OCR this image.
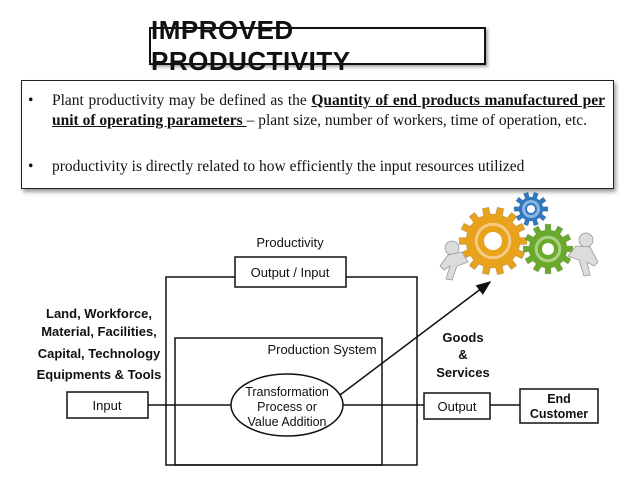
IMPROVED PRODUCTIVITY
• Plant productivity may be defined as the Quantity of end products manufactured per unit of operating parameters – plant size, number of workers, time of operation, etc.
• productivity is directly related to how efficiently the input resources utilized
Productivity
Output / Input
Land, Workforce,
Material, Facilities,
Capital, Technology
Equipments & Tools
Input
Production System
Transformation
Process or
Value Addition
Goods
&
Services
Output	End
Customer
